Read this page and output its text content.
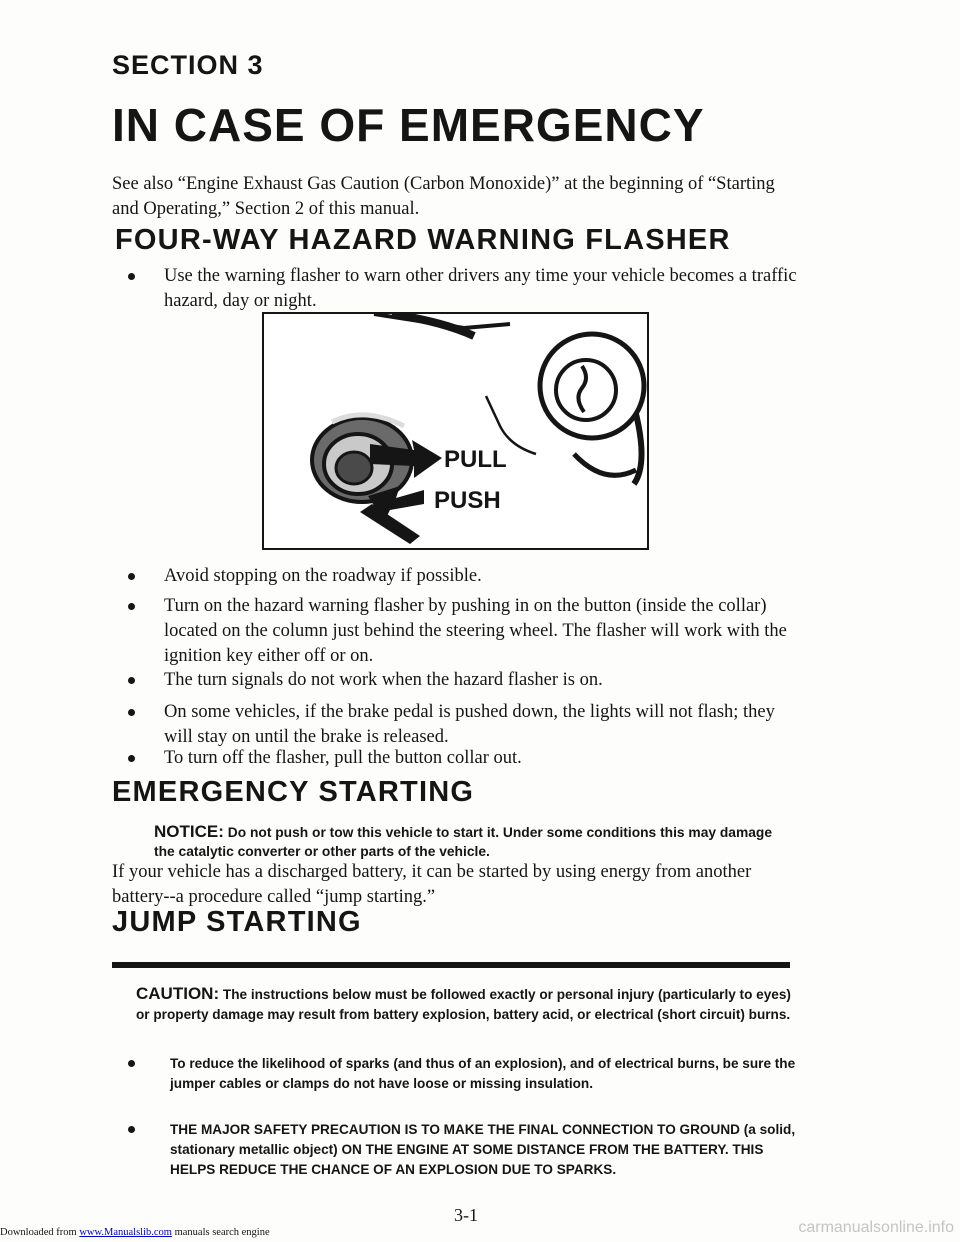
SECTION 3
IN CASE OF EMERGENCY
See also “Engine Exhaust Gas Caution (Carbon Monoxide)” at the beginning of “Starting and Operating,” Section 2 of this manual.
FOUR-WAY HAZARD WARNING FLASHER
Use the warning flasher to warn other drivers any time your vehicle becomes a traffic hazard, day or night.
PULL
PUSH
Avoid stopping on the roadway if possible.
Turn on the hazard warning flasher by pushing in on the button (inside the collar) located on the column just behind the steering wheel. The flasher will work with the ignition key either off or on.
The turn signals do not work when the hazard flasher is on.
On some vehicles, if the brake pedal is pushed down, the lights will not flash; they will stay on until the brake is released.
To turn off the flasher, pull the button collar out.
EMERGENCY STARTING
NOTICE: Do not push or tow this vehicle to start it. Under some conditions this may damage the catalytic converter or other parts of the vehicle.
If your vehicle has a discharged battery, it can be started by using energy from another battery--a procedure called “jump starting.”
JUMP STARTING
CAUTION: The instructions below must be followed exactly or personal injury (particularly to eyes) or property damage may result from battery explosion, battery acid, or electrical (short circuit) burns.
To reduce the likelihood of sparks (and thus of an explosion), and of electrical burns, be sure the jumper cables or clamps do not have loose or missing insulation.
THE MAJOR SAFETY PRECAUTION IS TO MAKE THE FINAL CONNECTION TO GROUND (a solid, stationary metallic object) ON THE ENGINE AT SOME DISTANCE FROM THE BATTERY. THIS HELPS REDUCE THE CHANCE OF AN EXPLOSION DUE TO SPARKS.
3-1
Downloaded from www.Manualslib.com manuals search engine	carmanualsonline.info
